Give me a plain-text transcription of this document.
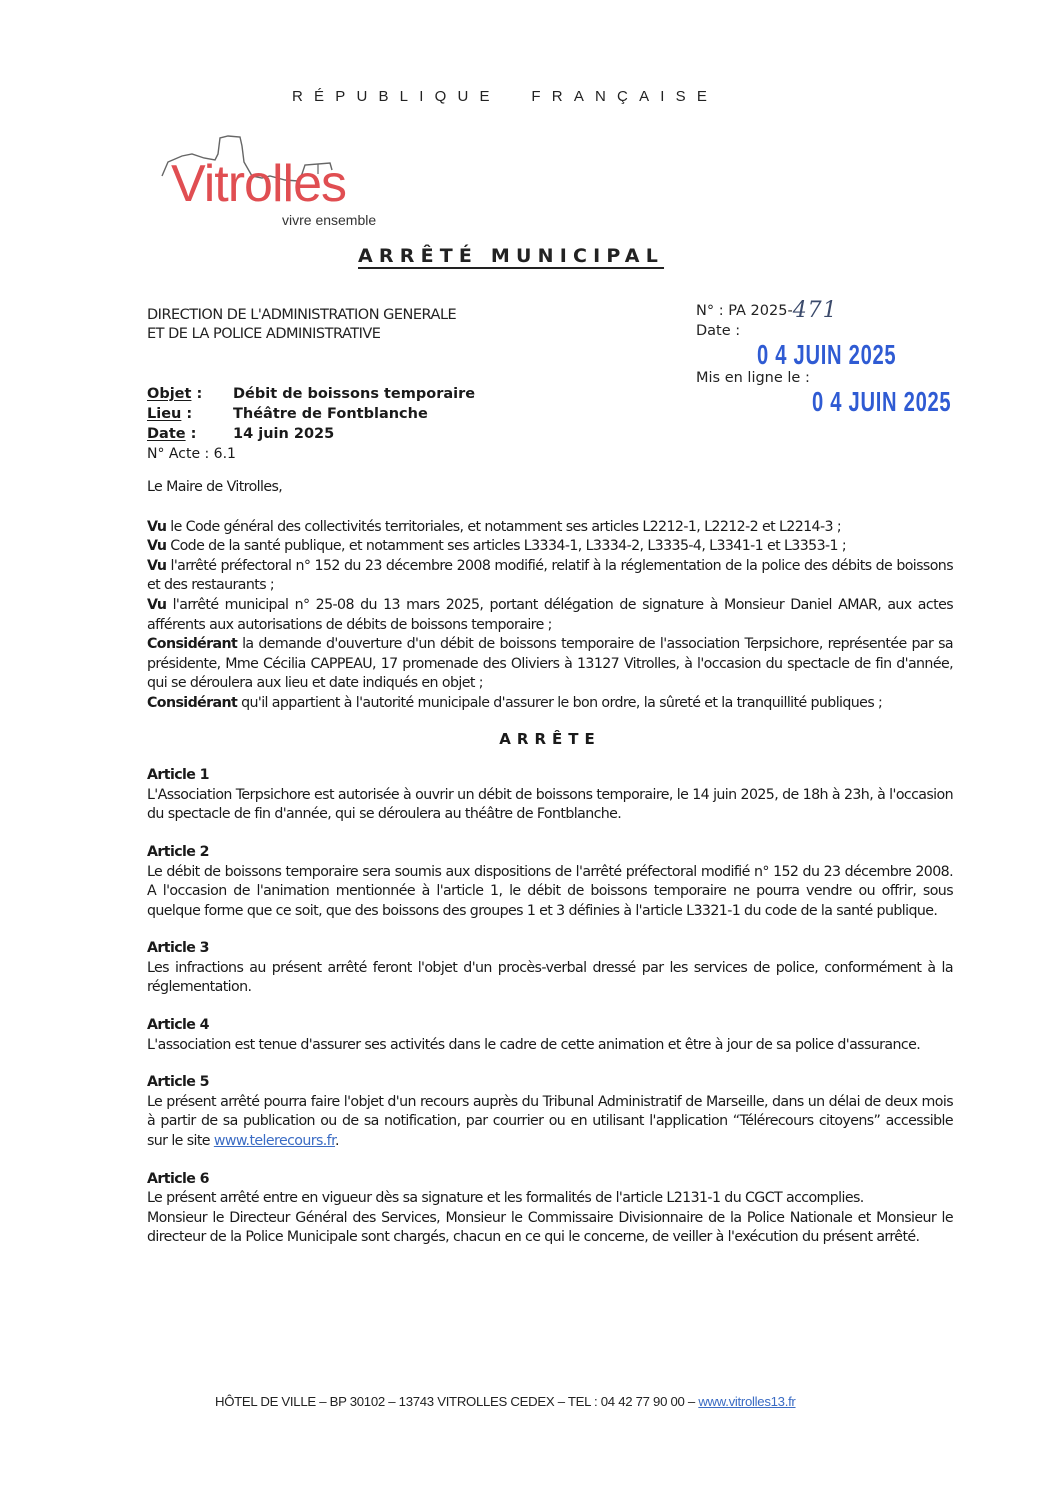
RÉPUBLIQUE  FRANÇAISE
Vitrolles
vivre ensemble
ARRÊTÉ MUNICIPAL
DIRECTION DE L'ADMINISTRATION GENERALE
ET DE LA POLICE ADMINISTRATIVE
N° : PA 2025-471
Date :
0 4 JUIN 2025
Mis en ligne le :
0 4 JUIN 2025
Objet :	Débit de boissons temporaire
Lieu :	Théâtre de Fontblanche
Date :	14 juin 2025
N° Acte : 6.1

Le Maire de Vitrolles,

Vu le Code général des collectivités territoriales, et notamment ses articles L2212-1, L2212-2 et L2214-3 ;

Vu Code de la santé publique, et notamment ses articles L3334-1, L3334-2, L3335-4, L3341-1 et L3353-1 ;

Vu l'arrêté préfectoral n° 152 du 23 décembre 2008 modifié, relatif à la réglementation de la police des débits de boissons et des restaurants ;

Vu l'arrêté municipal n° 25-08 du 13 mars 2025, portant délégation de signature à Monsieur Daniel AMAR, aux actes afférents aux autorisations de débits de boissons temporaire ;

Considérant la demande d'ouverture d'un débit de boissons temporaire de l'association Terpsichore, représentée par sa présidente, Mme Cécilia CAPPEAU, 17 promenade des Oliviers à 13127 Vitrolles, à l'occasion du spectacle de fin d'année, qui se déroulera aux lieu et date indiqués en objet ;

Considérant qu'il appartient à l'autorité municipale d'assurer le bon ordre, la sûreté et la tranquillité publiques ;

ARRÊTE

Article 1

L'Association Terpsichore est autorisée à ouvrir un débit de boissons temporaire, le 14 juin 2025, de 18h à 23h, à l'occasion du spectacle de fin d'année, qui se déroulera au théâtre de Fontblanche.

Article 2

Le débit de boissons temporaire sera soumis aux dispositions de l'arrêté préfectoral modifié n° 152 du 23 décembre 2008. A l'occasion de l'animation mentionnée à l'article 1, le débit de boissons temporaire ne pourra vendre ou offrir, sous quelque forme que ce soit, que des boissons des groupes 1 et 3 définies à l'article L3321-1 du code de la santé publique.

Article 3

Les infractions au présent arrêté feront l'objet d'un procès-verbal dressé par les services de police, conformément à la réglementation.

Article 4

L'association est tenue d'assurer ses activités dans le cadre de cette animation et être à jour de sa police d'assurance.

Article 5

Le présent arrêté pourra faire l'objet d'un recours auprès du Tribunal Administratif de Marseille, dans un délai de deux mois à partir de sa publication ou de sa notification, par courrier ou en utilisant l'application “Télérecours citoyens” accessible sur le site www.telerecours.fr.

Article 6

Le présent arrêté entre en vigueur dès sa signature et les formalités de l'article L2131-1 du CGCT accomplies.

Monsieur le Directeur Général des Services, Monsieur le Commissaire Divisionnaire de la Police Nationale et Monsieur le directeur de la Police Municipale sont chargés, chacun en ce qui le concerne, de veiller à l'exécution du présent arrêté.

HÔTEL DE VILLE – BP 30102 – 13743 VITROLLES CEDEX – TEL : 04 42 77 90 00 – www.vitrolles13.fr
